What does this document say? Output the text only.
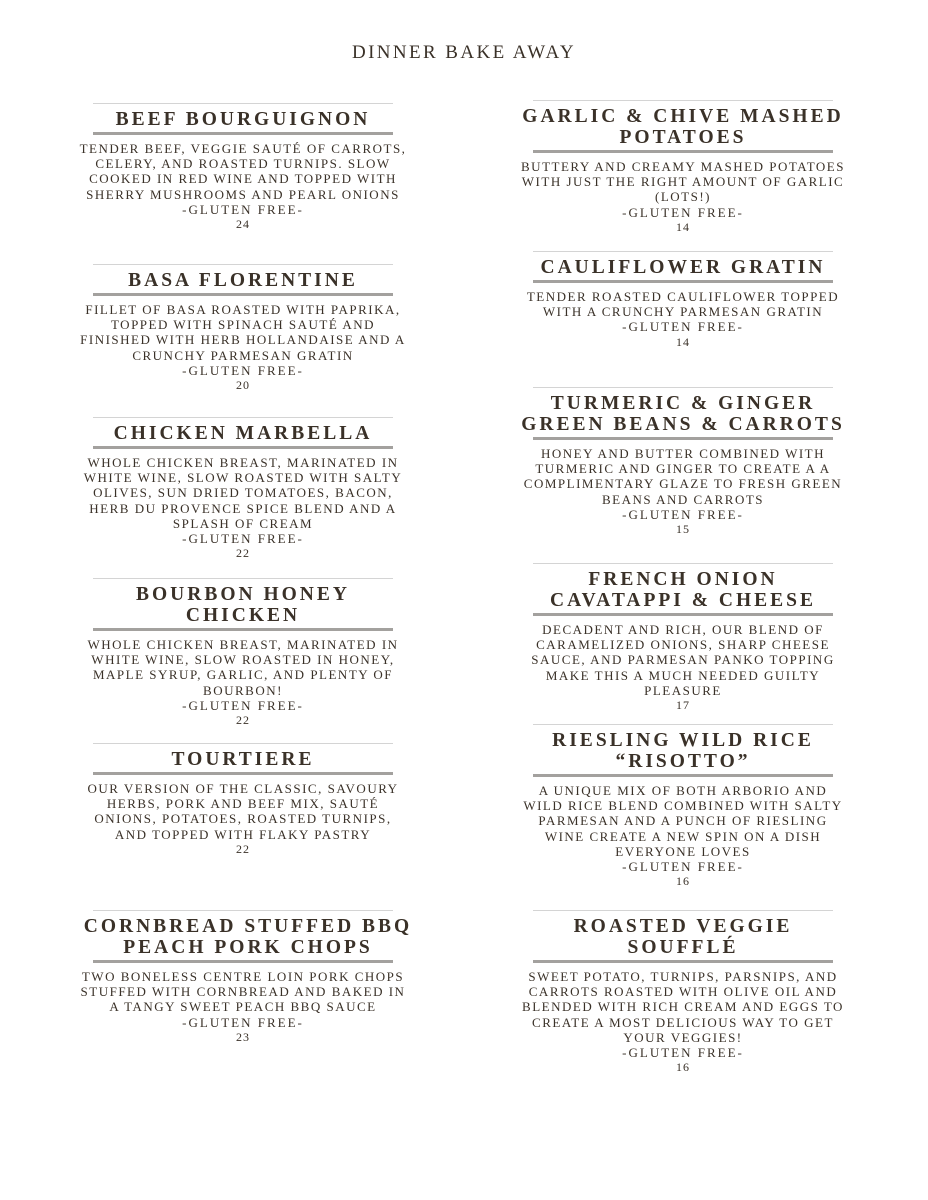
DINNER BAKE AWAY
BEEF BOURGUIGNON
TENDER BEEF, VEGGIE SAUTÉ OF CARROTS, CELERY, AND ROASTED TURNIPS. SLOW COOKED IN RED WINE AND TOPPED WITH SHERRY MUSHROOMS AND PEARL ONIONS
-GLUTEN FREE-
24
BASA FLORENTINE
FILLET OF BASA ROASTED WITH PAPRIKA, TOPPED WITH SPINACH SAUTÉ AND FINISHED WITH HERB HOLLANDAISE AND A CRUNCHY PARMESAN GRATIN
-GLUTEN FREE-
20
CHICKEN MARBELLA
WHOLE CHICKEN BREAST, MARINATED IN WHITE WINE, SLOW ROASTED WITH SALTY OLIVES, SUN DRIED TOMATOES, BACON, HERB DU PROVENCE SPICE BLEND AND A SPLASH OF CREAM
-GLUTEN FREE-
22
BOURBON HONEY CHICKEN
WHOLE CHICKEN BREAST, MARINATED IN WHITE WINE, SLOW ROASTED IN HONEY, MAPLE SYRUP, GARLIC, AND PLENTY OF BOURBON!
-GLUTEN FREE-
22
TOURTIERE
OUR VERSION OF THE CLASSIC, SAVOURY HERBS, PORK AND BEEF MIX, SAUTÉ ONIONS, POTATOES, ROASTED TURNIPS, AND TOPPED WITH FLAKY PASTRY
22
CORNBREAD STUFFED BBQ PEACH PORK CHOPS
TWO BONELESS CENTRE LOIN PORK CHOPS STUFFED WITH CORNBREAD AND BAKED IN A TANGY SWEET PEACH BBQ SAUCE
-GLUTEN FREE-
23
GARLIC & CHIVE MASHED POTATOES
BUTTERY AND CREAMY MASHED POTATOES WITH JUST THE RIGHT AMOUNT OF GARLIC (LOTS!)
-GLUTEN FREE-
14
CAULIFLOWER GRATIN
TENDER ROASTED CAULIFLOWER TOPPED WITH A CRUNCHY PARMESAN GRATIN
-GLUTEN FREE-
14
TURMERIC & GINGER GREEN BEANS & CARROTS
HONEY AND BUTTER COMBINED WITH TURMERIC AND GINGER TO CREATE A A COMPLIMENTARY GLAZE TO FRESH GREEN BEANS AND CARROTS
-GLUTEN FREE-
15
FRENCH ONION CAVATAPPI & CHEESE
DECADENT AND RICH, OUR BLEND OF CARAMELIZED ONIONS, SHARP CHEESE SAUCE, AND PARMESAN PANKO TOPPING MAKE THIS A MUCH NEEDED GUILTY PLEASURE
17
RIESLING WILD RICE “RISOTTO”
A UNIQUE MIX OF BOTH ARBORIO AND WILD RICE BLEND COMBINED WITH SALTY PARMESAN AND A PUNCH OF RIESLING WINE CREATE A NEW SPIN ON A DISH EVERYONE LOVES
-GLUTEN FREE-
16
ROASTED VEGGIE SOUFFLÉ
SWEET POTATO, TURNIPS, PARSNIPS, AND CARROTS ROASTED WITH OLIVE OIL AND BLENDED WITH RICH CREAM AND EGGS TO CREATE A MOST DELICIOUS WAY TO GET YOUR VEGGIES!
-GLUTEN FREE-
16
